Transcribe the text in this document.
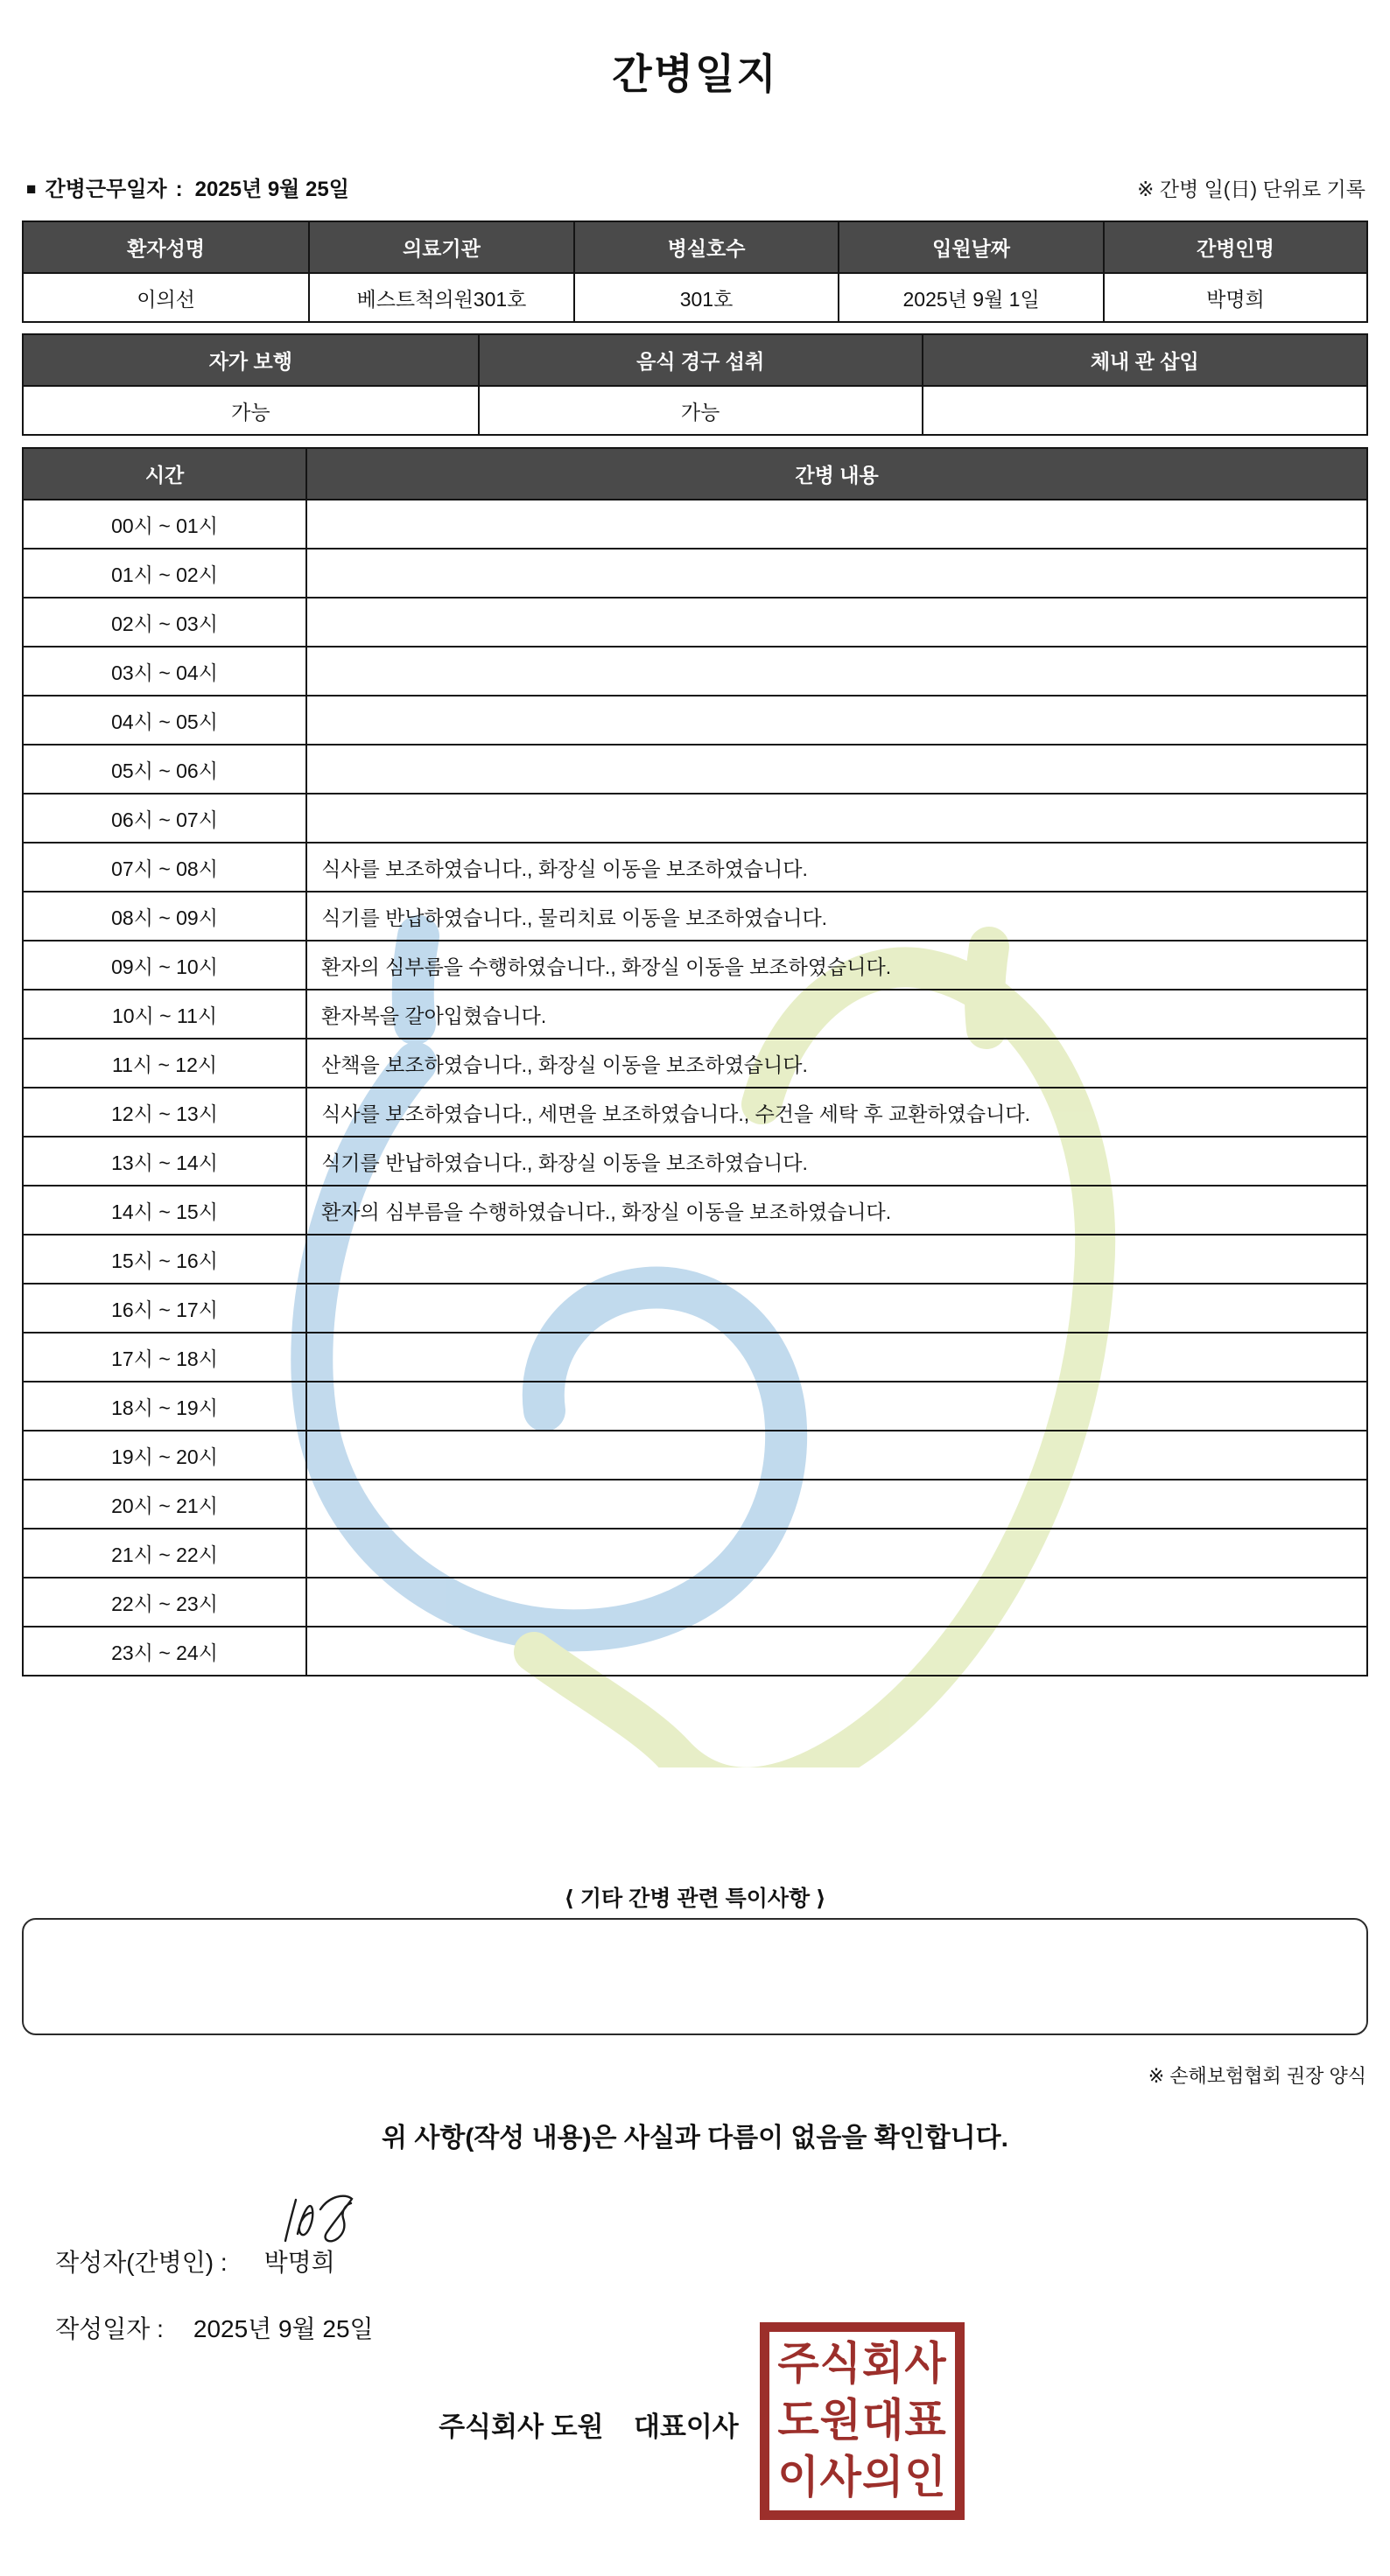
간병일지
■ 간병근무일자 : 2025년 9월 25일	※ 간병 일(日) 단위로 기록
환자성명	의료기관	병실호수	입원날짜	간병인명
이의선	베스트척의원301호	301호	2025년 9월 1일	박명희
자가 보행	음식 경구 섭취	체내 관 삽입
가능	가능	
시간	간병 내용
00시 ~ 01시	
01시 ~ 02시	
02시 ~ 03시	
03시 ~ 04시	
04시 ~ 05시	
05시 ~ 06시	
06시 ~ 07시	
07시 ~ 08시	식사를 보조하였습니다., 화장실 이동을 보조하였습니다.
08시 ~ 09시	식기를 반납하였습니다., 물리치료 이동을 보조하였습니다.
09시 ~ 10시	환자의 심부름을 수행하였습니다., 화장실 이동을 보조하였습니다.
10시 ~ 11시	환자복을 갈아입혔습니다.
11시 ~ 12시	산책을 보조하였습니다., 화장실 이동을 보조하였습니다.
12시 ~ 13시	식사를 보조하였습니다., 세면을 보조하였습니다., 수건을 세탁 후 교환하였습니다.
13시 ~ 14시	식기를 반납하였습니다., 화장실 이동을 보조하였습니다.
14시 ~ 15시	환자의 심부름을 수행하였습니다., 화장실 이동을 보조하였습니다.
15시 ~ 16시	
16시 ~ 17시	
17시 ~ 18시	
18시 ~ 19시	
19시 ~ 20시	
20시 ~ 21시	
21시 ~ 22시	
22시 ~ 23시	
23시 ~ 24시	
⟨ 기타 간병 관련 특이사항 ⟩
※ 손해보험협회 권장 양식
위 사항(작성 내용)은 사실과 다름이 없음을 확인합니다.

작성자(간병인) : 박명희

작성일자 : 2025년 9월 25일

주식회사 도원    대표이사
주식회사
도원대표
이사의인
